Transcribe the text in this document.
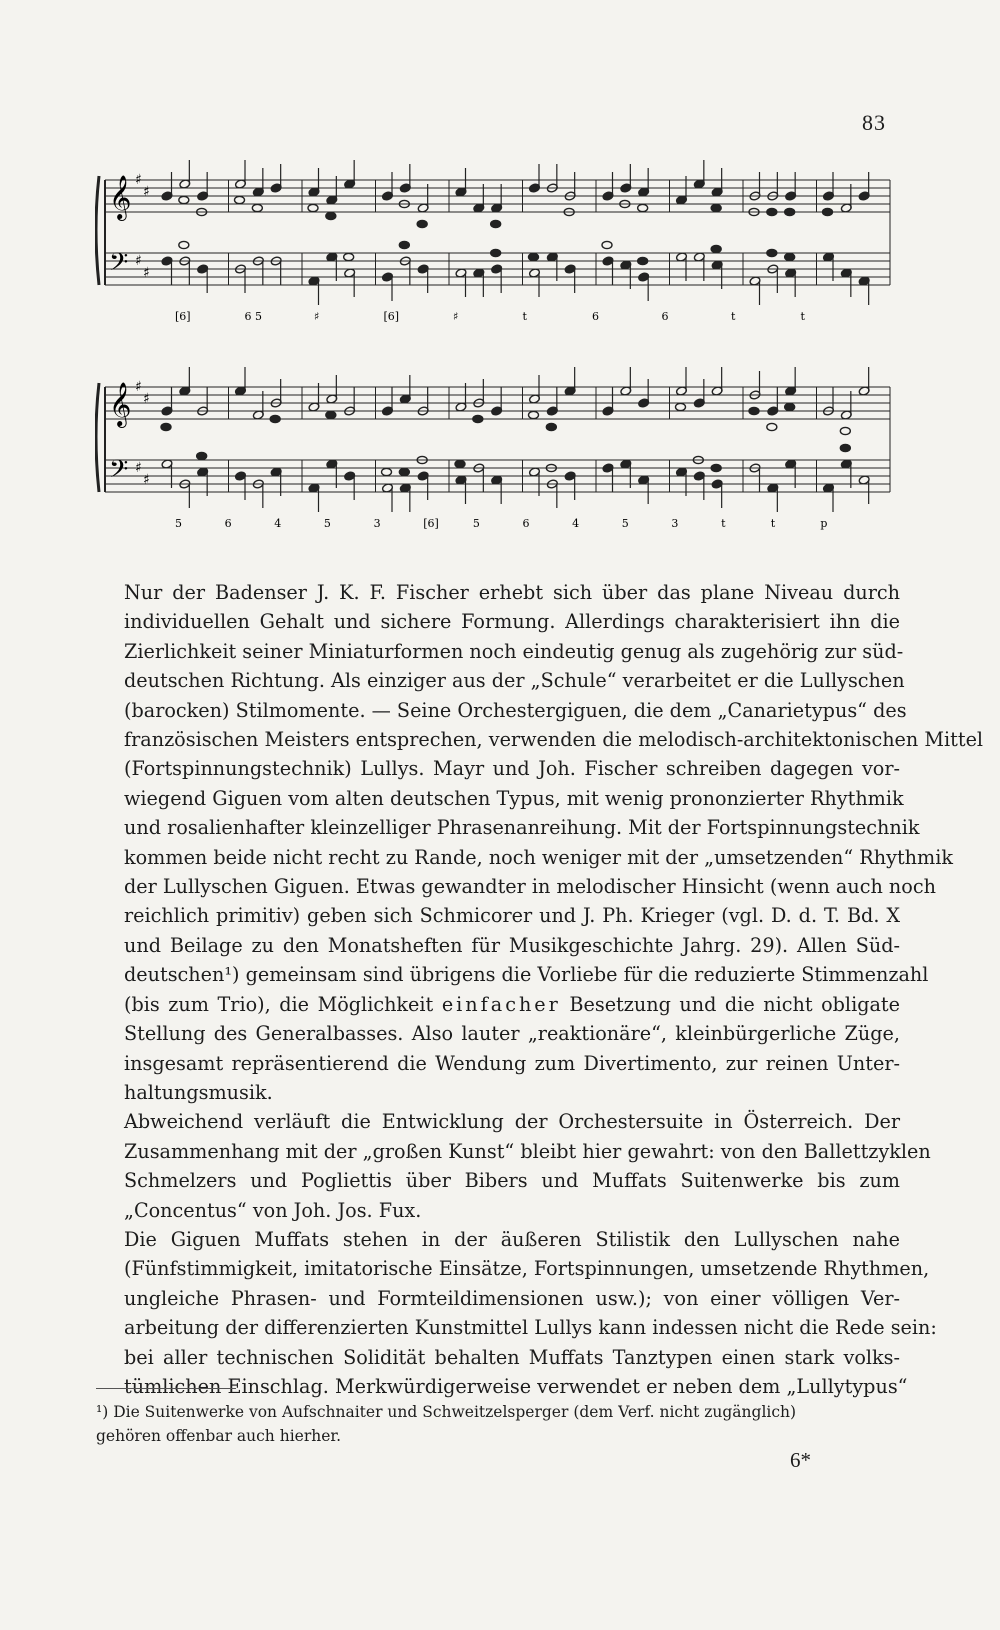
83
𝄞
𝄢
♯
♯
♯
♯
[6]	6 5	♯	[6]	♯	t	6	6	t	t
𝄞
𝄢
♯
♯
♯
♯
5	6	4	5	3	[6]	5	6	4	5	3	t	t	p

Nur der Badenser J. K. F. Fischer erhebt sich über das plane Niveau durch
individuellen Gehalt und sichere Formung. Allerdings charakterisiert ihn die
Zierlichkeit seiner Miniaturformen noch eindeutig genug als zugehörig zur süd-
deutschen Richtung. Als einziger aus der „Schule“ verarbeitet er die Lullyschen
(barocken) Stilmomente. — Seine Orchestergiguen, die dem „Canarietypus“ des
französischen Meisters entsprechen, verwenden die melodisch-architektonischen Mittel
(Fortspinnungstechnik) Lullys. Mayr und Joh. Fischer schreiben dagegen vor-
wiegend Giguen vom alten deutschen Typus, mit wenig prononzierter Rhythmik
und rosalienhafter kleinzelliger Phrasenanreihung. Mit der Fortspinnungstechnik
kommen beide nicht recht zu Rande, noch weniger mit der „umsetzenden“ Rhythmik
der Lullyschen Giguen. Etwas gewandter in melodischer Hinsicht (wenn auch noch
reichlich primitiv) geben sich Schmicorer und J. Ph. Krieger (vgl. D. d. T. Bd. X
und Beilage zu den Monatsheften für Musikgeschichte Jahrg. 29). Allen Süd-
deutschen¹) gemeinsam sind übrigens die Vorliebe für die reduzierte Stimmenzahl
(bis zum Trio), die Möglichkeit einfacher Besetzung und die nicht obligate
Stellung des Generalbasses. Also lauter „reaktionäre“, kleinbürgerliche Züge,
insgesamt repräsentierend die Wendung zum Divertimento, zur reinen Unter-
haltungsmusik.

Abweichend verläuft die Entwicklung der Orchestersuite in Österreich. Der
Zusammenhang mit der „großen Kunst“ bleibt hier gewahrt: von den Ballettzyklen
Schmelzers und Pogliettis über Bibers und Muffats Suitenwerke bis zum
„Concentus“ von Joh. Jos. Fux.

Die Giguen Muffats stehen in der äußeren Stilistik den Lullyschen nahe
(Fünfstimmigkeit, imitatorische Einsätze, Fortspinnungen, umsetzende Rhythmen,
ungleiche Phrasen- und Formteildimensionen usw.); von einer völligen Ver-
arbeitung der differenzierten Kunstmittel Lullys kann indessen nicht die Rede sein:
bei aller technischen Solidität behalten Muffats Tanztypen einen stark volks-
tümlichen Einschlag. Merkwürdigerweise verwendet er neben dem „Lullytypus“

¹) Die Suitenwerke von Aufschnaiter und Schweitzelsperger (dem Verf. nicht zugänglich)
gehören offenbar auch hierher.
6*
